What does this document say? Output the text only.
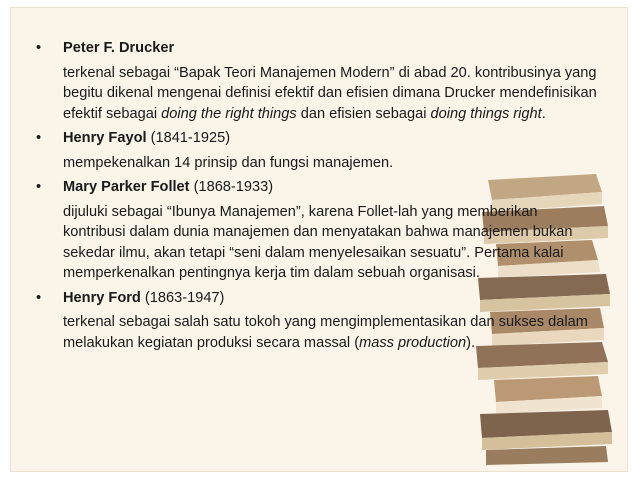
• Peter F. Drucker
terkenal sebagai “Bapak Teori Manajemen Modern” di abad 20. kontribusinya yang begitu dikenal mengenai definisi efektif dan efisien dimana Drucker mendefinisikan efektif sebagai doing the right things dan efisien sebagai doing things right.
• Henry Fayol (1841-1925)
mempekenalkan 14 prinsip dan fungsi manajemen.
• Mary Parker Follet (1868-1933)
dijuluki sebagai “Ibunya Manajemen”, karena Follet-lah yang memberikan kontribusi dalam dunia manajemen dan menyatakan bahwa manajemen bukan sekedar ilmu, akan tetapi “seni dalam menyelesaikan sesuatu”. Pertama kalai memperkenalkan pentingnya kerja tim dalam sebuah organisasi.
• Henry Ford (1863-1947)
terkenal sebagai salah satu tokoh yang mengimplementasikan dan sukses dalam melakukan kegiatan produksi secara massal (mass production).
